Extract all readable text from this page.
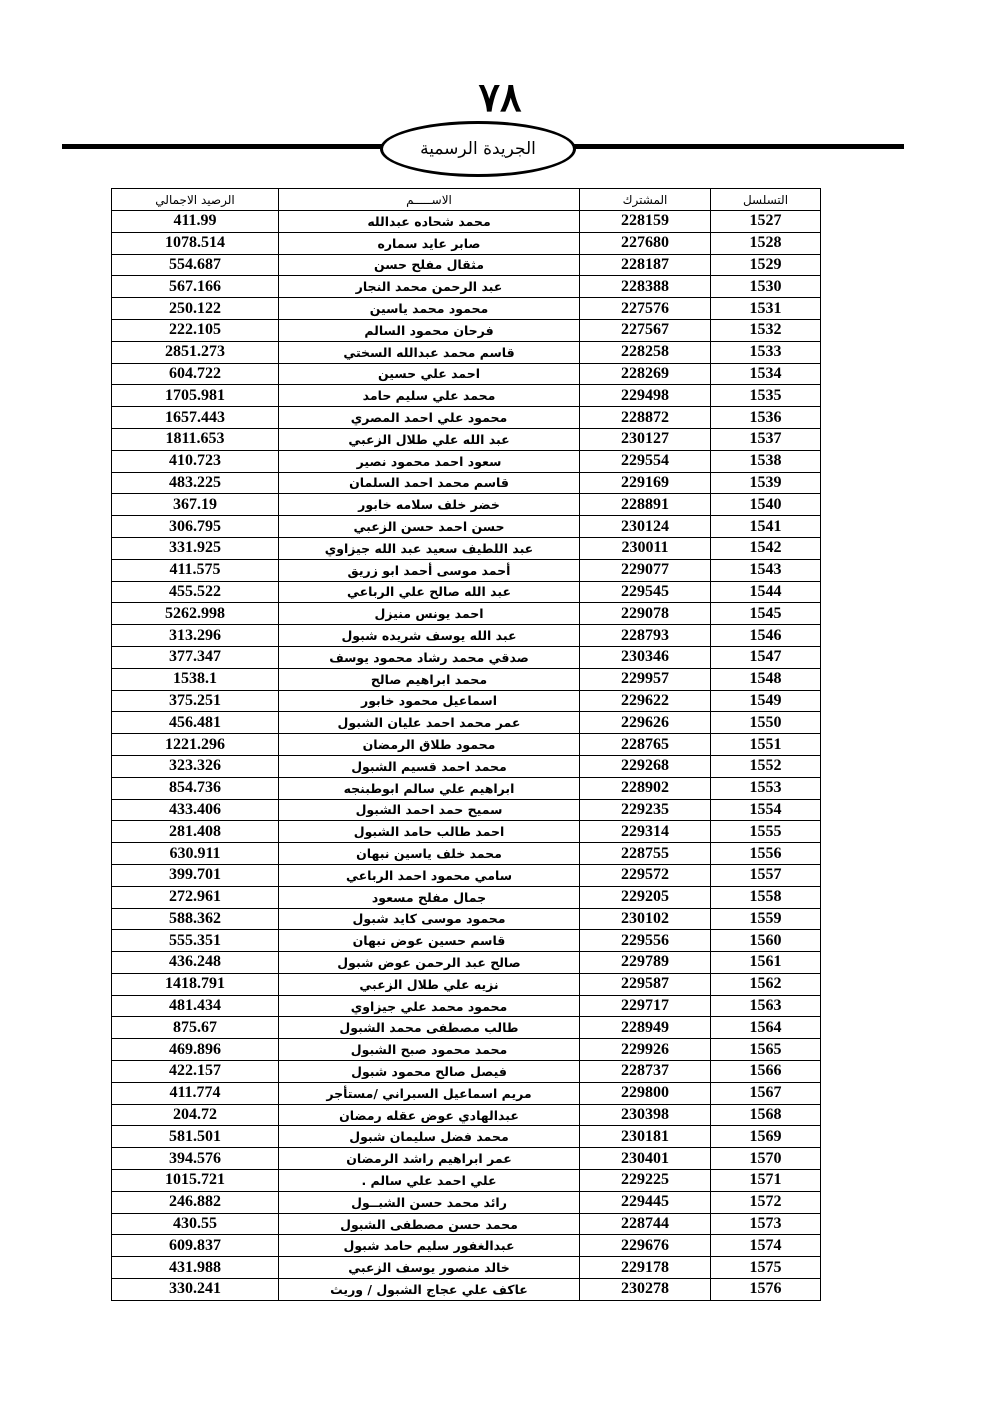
٧٨
الجريدة الرسمية
الرصيد الاجمالي	الاســـــم	المشترك	التسلسل
411.99	محمد شحاده عبدالله	228159	1527
1078.514	صابر عايد سماره	227680	1528
554.687	مثقال مفلح حسن	228187	1529
567.166	عبد الرحمن محمد النجار	228388	1530
250.122	محمود محمد ياسين	227576	1531
222.105	فرحان محمود السالم	227567	1532
2851.273	قاسم محمد عبدالله السختي	228258	1533
604.722	احمد علي حسين	228269	1534
1705.981	محمد علي سليم حامد	229498	1535
1657.443	محمود علي احمد المصري	228872	1536
1811.653	عبد الله علي طلال الزعبي	230127	1537
410.723	سعود احمد محمود نصير	229554	1538
483.225	قاسم محمد احمد السلمان	229169	1539
367.19	خضر خلف سلامه خابور	228891	1540
306.795	حسن احمد حسن الزعبي	230124	1541
331.925	عبد اللطيف سعيد عبد الله جيزاوي	230011	1542
411.575	أحمد موسى أحمد ابو زريق	229077	1543
455.522	عبد الله صالح علي الرباعي	229545	1544
5262.998	احمد يونس منيزل	229078	1545
313.296	عبد الله يوسف شريده شبول	228793	1546
377.347	صدقي محمد رشاد محمود يوسف	230346	1547
1538.1	محمد ابراهيم صالح	229957	1548
375.251	اسماعيل محمود خابور	229622	1549
456.481	عمر محمد احمد عليان الشبول	229626	1550
1221.296	محمود طلاق الرمضان	228765	1551
323.326	محمد احمد قسيم الشبول	229268	1552
854.736	ابراهيم علي سالم ابوطبنجه	228902	1553
433.406	سميح حمد احمد الشبول	229235	1554
281.408	احمد طالب حامد الشبول	229314	1555
630.911	محمد خلف ياسين نبهان	228755	1556
399.701	سامي محمود احمد الرباعي	229572	1557
272.961	جمال مفلح مسعود	229205	1558
588.362	محمود موسى كايد شبول	230102	1559
555.351	قاسم حسين عوض نبهان	229556	1560
436.248	صالح عبد الرحمن عوض شبول	229789	1561
1418.791	نزيه علي طلال الزعبي	229587	1562
481.434	محمود محمد علي جيزاوي	229717	1563
875.67	طالب مصطفى محمد الشبول	228949	1564
469.896	محمد محمود صبح الشبول	229926	1565
422.157	فيصل صالح محمود شبول	228737	1566
411.774	مريم اسماعيل السبراني /مستأجر	229800	1567
204.72	عبدالهادي عوض عقله رمضان	230398	1568
581.501	محمد فضل سليمان شبول	230181	1569
394.576	عمر ابراهيم راشد الرمضان	230401	1570
1015.721	علي احمد علي سالم .	229225	1571
246.882	رائد محمد حسن الشبــول	229445	1572
430.55	محمد حسن مصطفى الشبول	228744	1573
609.837	عبدالغفور سليم حامد شبول	229676	1574
431.988	خالد منصور يوسف الزعبي	229178	1575
330.241	عاكف علي عجاج الشبول / وريث	230278	1576
